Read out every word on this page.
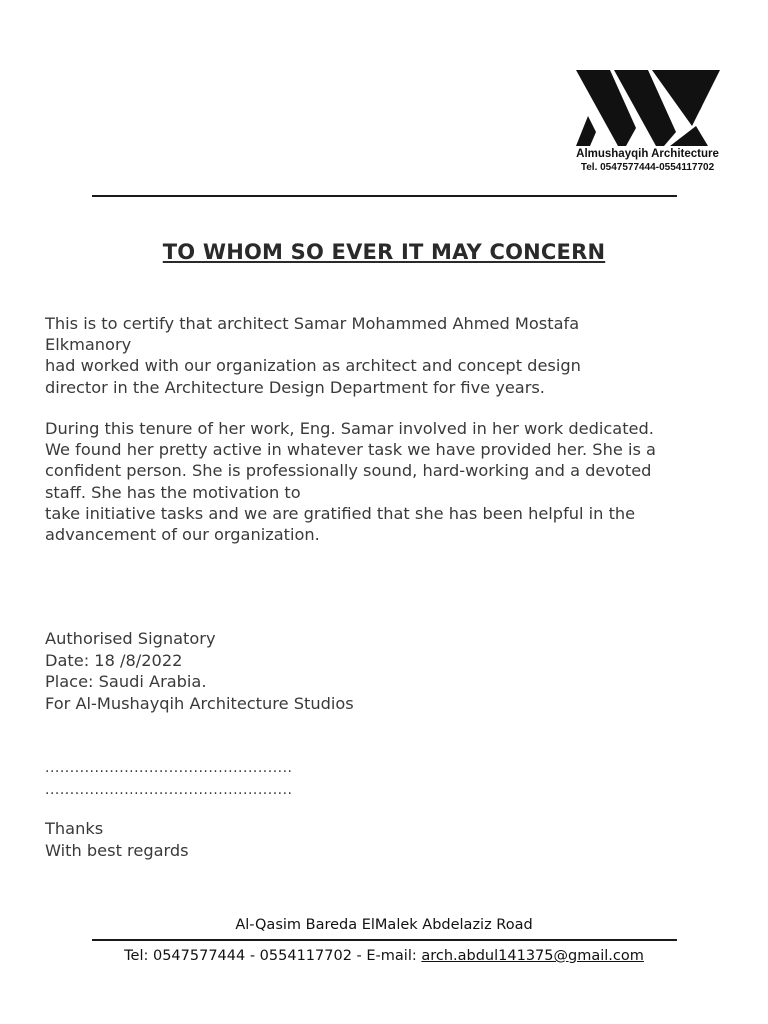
Almushayqih Architecture
Tel. 0547577444-0554117702
TO WHOM SO EVER IT MAY CONCERN
This is to certify that architect Samar Mohammed Ahmed Mostafa
Elkmanory
had worked with our organization as architect and concept design
director in the Architecture Design Department for five years.
During this tenure of her work, Eng. Samar involved in her work dedicated.
We found her pretty active in whatever task we have provided her. She is a
confident person. She is professionally sound, hard-working and a devoted
staff. She has the motivation to
take initiative tasks and we are gratified that she has been helpful in the
advancement of our organization.
Authorised Signatory
Date: 18 /8/2022
Place: Saudi Arabia.
For Al-Mushayqih Architecture Studios
..................................................
..................................................
Thanks
With best regards
Al-Qasim Bareda ElMalek Abdelaziz Road
Tel: 0547577444 - 0554117702 - E-mail: arch.abdul141375@gmail.com
